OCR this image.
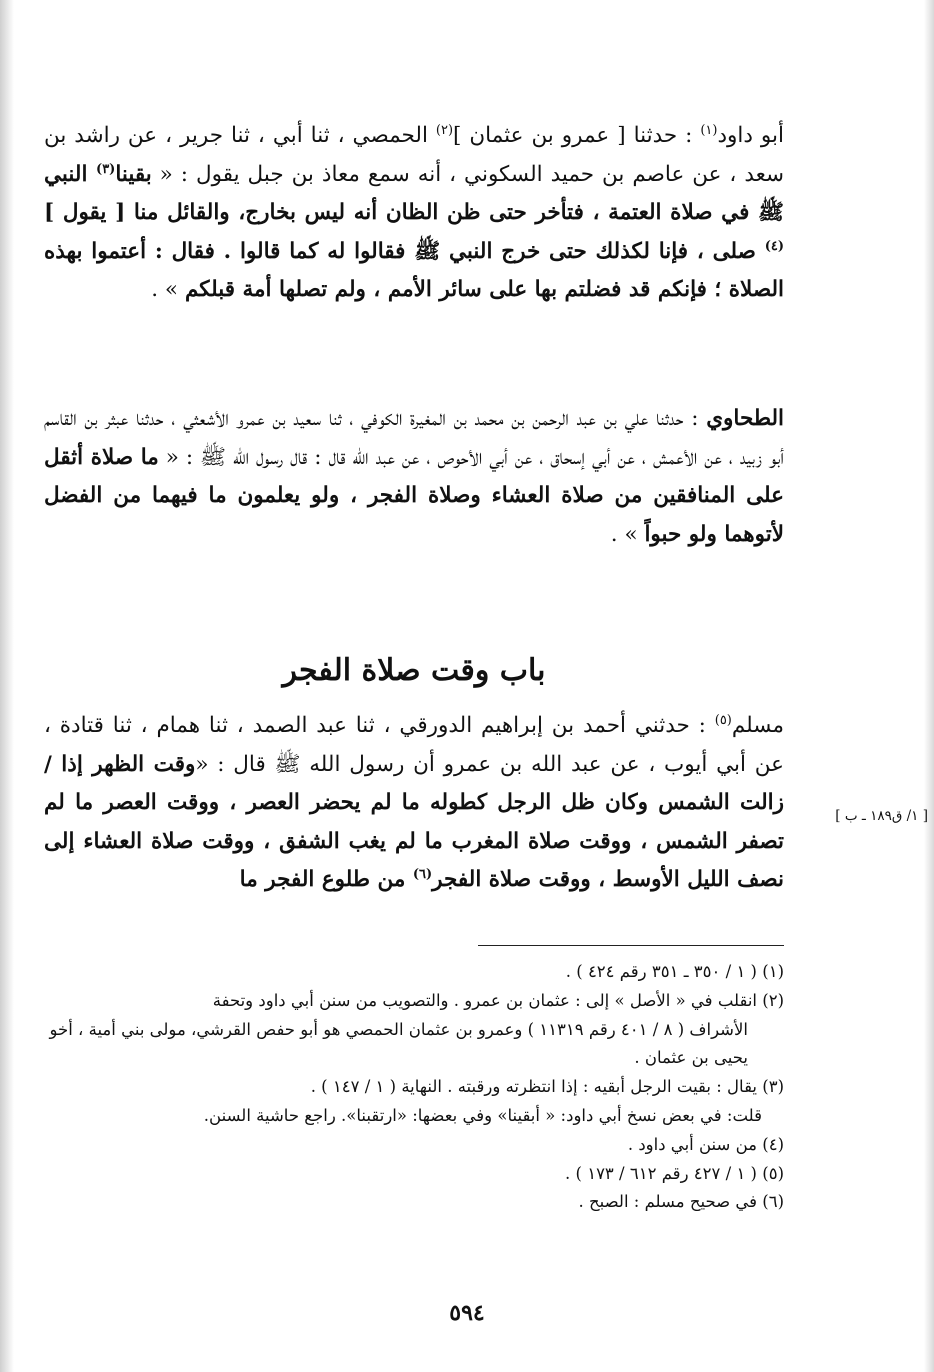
أبو داود$^{(١)}$ : حدثنا [ عمرو بن عثمان ]$^{(٢)}$ الحمصي ، ثنا أبي ، ثنا جرير ، عن راشد بن سعد ، عن عاصم بن حميد السكوني ، أنه سمع معاذ بن جبل يقول : « بقينا$^{(٣)}$ النبي ﷺ في صلاة العتمة ، فتأخر حتى ظن الظان أنه ليس بخارج، والقائل منا [ يقول ]$^{(٤)}$ صلى ، فإنا لكذلك حتى خرج النبي ﷺ فقالوا له كما قالوا . فقال : أعتموا بهذه الصلاة ؛ فإنكم قد فضلتم بها على سائر الأمم ، ولم تصلها أمة قبلكم » .

الطحاوي : حدثنا علي بن عبد الرحمن بن محمد بن المغيرة الكوفي ، ثنا سعيد بن عمرو الأشعثي ، حدثنا عبثر بن القاسم أبو زبيد ، عن الأعمش ، عن أبي إسحاق ، عن أبي الأحوص ، عن عبد الله قال : قال رسول الله ﷺ : « ما صلاة أثقل على المنافقين من صلاة العشاء وصلاة الفجر ، ولو يعلمون ما فيهما من الفضل لأتوهما ولو حبواً » .

باب وقت صلاة الفجر

مسلم$^{(٥)}$ : حدثني أحمد بن إبراهيم الدورقي ، ثنا عبد الصمد ، ثنا همام ، ثنا قتادة ، عن أبي أيوب ، عن عبد الله بن عمرو أن رسول الله ﷺ قال : «وقت الظهر إذا / زالت الشمس وكان ظل الرجل كطوله ما لم يحضر العصر ، ووقت العصر ما لم تصفر الشمس ، ووقت صلاة المغرب ما لم يغب الشفق ، ووقت صلاة العشاء إلى نصف الليل الأوسط ، ووقت صلاة الفجر$^{(٦)}$ من طلوع الفجر ما

[ ١/ ق١٨٩ ـ ب ]

(١) ( ١ / ٣٥٠ ـ ٣٥١ رقم ٤٢٤ ) .

(٢) انقلب في « الأصل » إلى : عثمان بن عمرو . والتصويب من سنن أبي داود وتحفة
الأشراف ( ٨ / ٤٠١ رقم ١١٣١٩ ) وعمرو بن عثمان الحمصي هو أبو حفص القرشي، مولى بني أمية ، أخو يحيى بن عثمان .

(٣) يقال : بقيت الرجل أبقيه : إذا انتظرته ورقبته . النهاية ( ١ / ١٤٧ ) .

قلت: في بعض نسخ أبي داود: « أبقينا» وفي بعضها: «ارتقبنا». راجع حاشية السنن.

(٤) من سنن أبي داود .

(٥) ( ١ / ٤٢٧ رقم ٦١٢ / ١٧٣ ) .

(٦) في صحيح مسلم : الصبح .

٥٩٤
